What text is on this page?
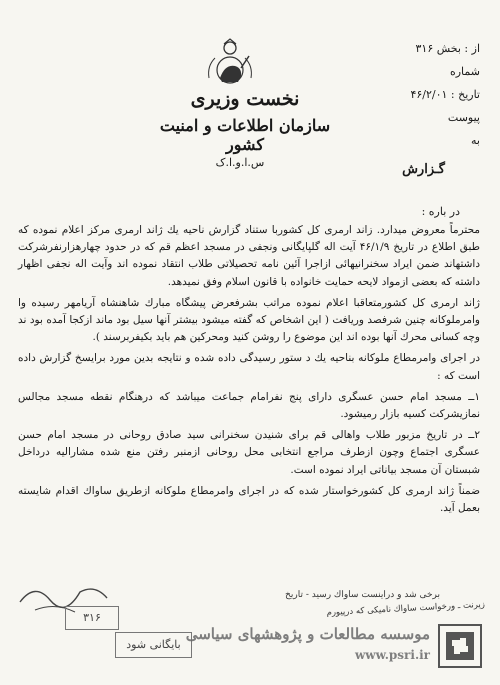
نخست وزیری
سازمان اطلاعات و امنیت کشور
س.ا.و.ا.ک
از : بخش ۳۱۶
شماره
تاریخ : ۴۶/۲/۰۱
پیوست
به
گـزارش
در باره :

محترماً معروض میدارد. زاند ارمری کل کشوربا ستناد گزارش ناحیه یك ژاند ارمری مرکز اعلام نموده که طبق اطلاع در تاریخ ۴۶/۱/۹ آیت اله گلپایگانی ونجفی در مسجد اعظم قم که در حدود چهارهزارنفرشرکت داشتهاند ضمن ایراد سخنرانیهائی ازاجرا آئین نامه تحصیلاتی طلاب انتقاد نموده اند وآیت اله نجفی اظهار داشته که بعضی ازمواد لایحه حمایت خانواده با قانون اسلام وفق نمیدهد.

ژاند ارمری کل کشورمتعاقبا اعلام نموده مراتب بشرفعرض پیشگاه مبارك شاهنشاه آریامهر رسیده وا وامرملوکانه چنین شرفصد وریافت ( این اشخاص که گفته میشود بیشتر آنها سیل بود ماند ازکجا آمده بود ند وچه کسانی محرك آنها بوده اند این موضوع را روشن کنید ومحرکین هم باید بکیفربرسند ).

در اجرای وامرمطاع ملوکانه بناحیه یك د ستور رسیدگی داده شده و نتایجه بدین مورد برایسخ گزارش داده است که :

۱ــ مسجد امام حسن عسگری دارای پنج نفرامام جماعت میباشد که درهنگام نقطه مسجد مجالس نمازیشرکت کسیه بازار رمیشود.

۲ــ در تاریخ مزبور طلاب واهالی قم برای شنیدن سخنرانی سید صادق روحانی در مسجد امام حسن عسگری اجتماع وچون ازطرف مراجع انتخابی محل روحانی ازمنبر رفتن منع شده مشارالیه درداخل شبستان آن مسجد بیاناتی ایراد نموده است.

ضمناً ژاند ارمری کل کشورخواستار شده که در اجرای وامرمطاع ملوکانه ازطریق ساواك اقدام شایسته بعمل آید.

برخی شد و دراینست ساواك رسید - تاریخ
زیرنت ـ ورخواست ساواك نامیکی که درپیورم
۳۱۶
بایگانی شود
موسسه مطالعات و پژوهشهای سیاسی
www.psri.ir
